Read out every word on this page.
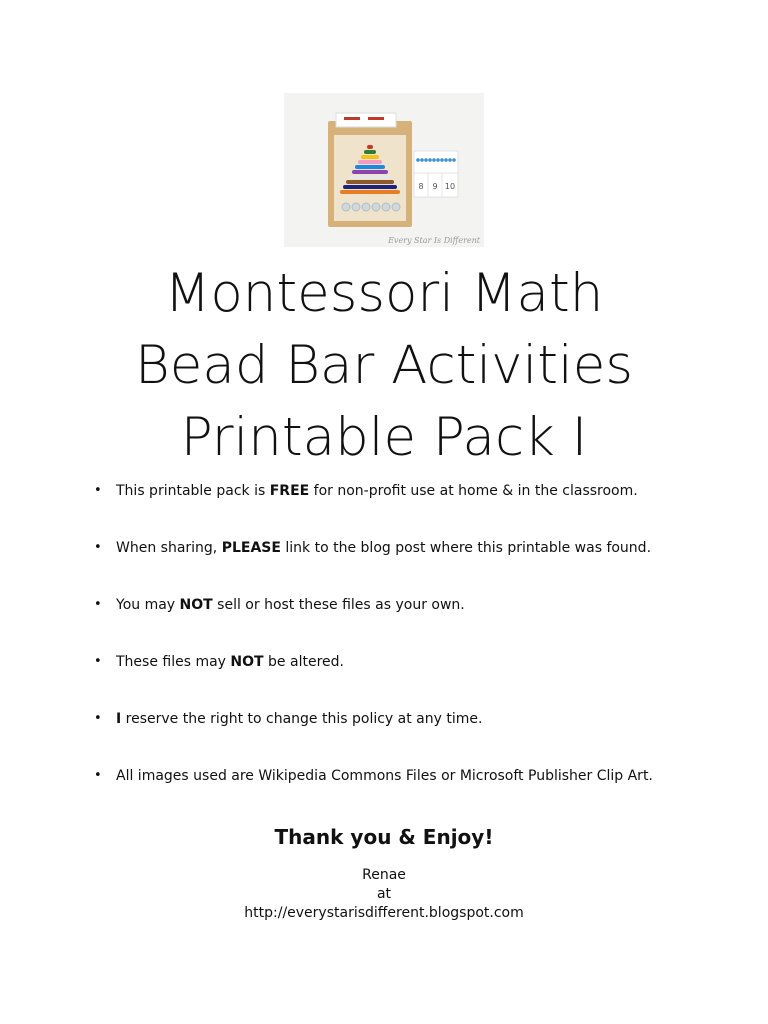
8 9 10
Every Star Is Different
Montessori Math
Bead Bar Activities
Printable Pack I
• This printable pack is FREE for non-profit use at home & in the classroom.
• When sharing, PLEASE link to the blog post where this printable was found.
• You may NOT sell or host these files as your own.
• These files may NOT be altered.
• I reserve the right to change this policy at any time.
• All images used are Wikipedia Commons Files or Microsoft Publisher Clip Art.
Thank you & Enjoy!
Renae
at
http://everystarisdifferent.blogspot.com
